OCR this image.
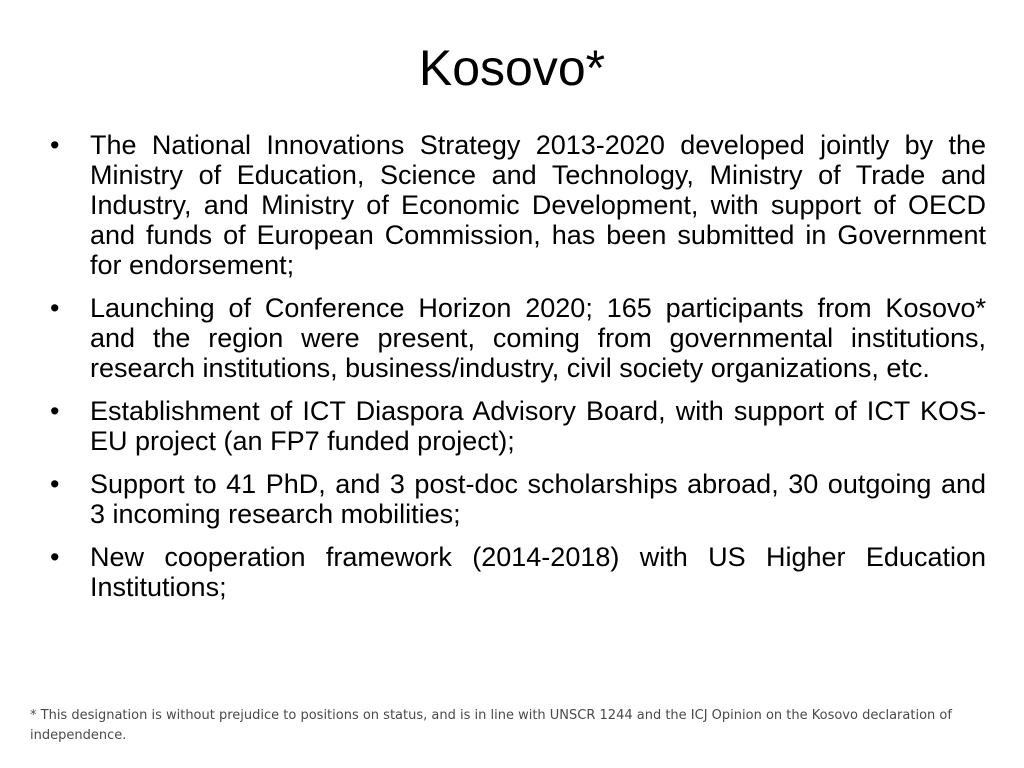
Kosovo*
•	The National Innovations Strategy 2013-2020 developed jointly by the Ministry of Education, Science and Technology, Ministry of Trade and Industry, and Ministry of Economic Development, with support of OECD and funds of European Commission, has been submitted in Government for endorsement;
•	Launching of Conference Horizon 2020; 165 participants from Kosovo* and the region were present, coming from governmental institutions, research institutions, business/industry, civil society organizations, etc.
•	Establishment of ICT Diaspora Advisory Board, with support of ICT KOS-EU project (an FP7 funded project);
•	Support to 41 PhD, and 3 post-doc scholarships abroad, 30 outgoing and 3 incoming research mobilities;
•	New cooperation framework (2014-2018) with US Higher Education Institutions;
* This designation is without prejudice to positions on status, and is in line with UNSCR 1244 and the ICJ Opinion on the Kosovo declaration of independence.
